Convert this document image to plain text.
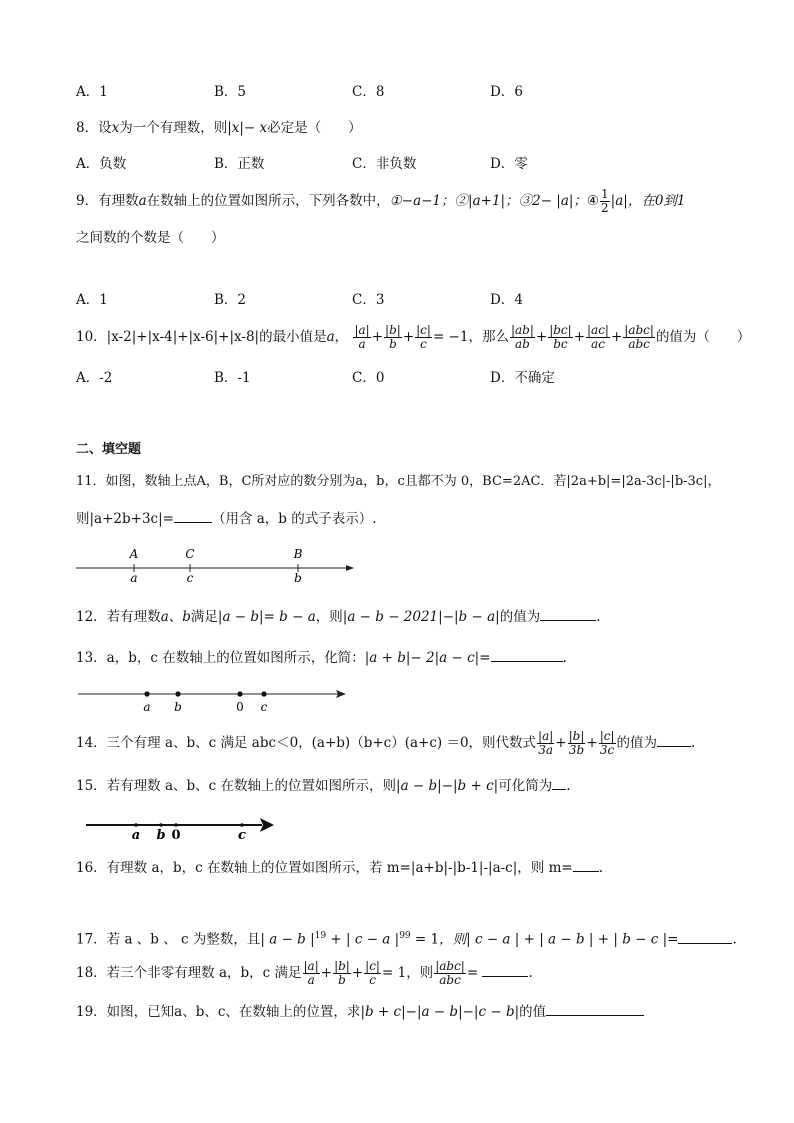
A．1	B．5	C．8	D．6
8．设x为一个有理数，则|x|− x必定是（　　）
A．负数	B．正数	C．非负数	D．零
9．有理数a在数轴上的位置如图所示，下列各数中，①−a−1；②|a+1|；③2− |a|；④ $\frac{1}{2} |a|$，在0到1
之间数的个数是（　　）
A．1	B．2	C．3	D．4
10．|x-2|+|x-4|+|x-6|+|x-8|的最小值是a， $\frac{|a|}{a} + \frac{|b|}{b} + \frac{|c|}{c} = -1$，那么 $\frac{|ab|}{ab} + \frac{|bc|}{bc} + \frac{|ac|}{ac} + \frac{\text{|abc|}}{\text{abc}}$ 的值为（　　）
A．-2	B．-1	C．0	D．不确定
二、填空题
11．如图，数轴上点A，B，C所对应的数分别为a，b，c且都不为 0，BC=2AC．若|2a+b|=|2a-3c|-|b-3c|，
则|a+2b+3c|=	（用含 a，b 的式子表示）.
A	C	B
a	c	b
12．若有理数a、b满足|a − b|= b − a，则|a − b − 2021|−|b − a|的值为	.
13．a，b，c 在数轴上的位置如图所示，化简：|a + b|− 2|a − c|=	.
a b	0 c
14．三个有理 a、b、c 满足 abc＜0，(a+b)（b+c）(a+c) ＝0，则代数式 $\frac{|a|}{3a} + \frac{|b|}{3b} + \frac{|c|}{3c}$ 的值为	.
15．若有理数 a、b、c 在数轴上的位置如图所示，则|a − b|−|b + c|可化简为 .
a b 0	c
16．有理数 a，b，c 在数轴上的位置如图所示，若 m=|a+b|-|b-1|-|a-c|，则 m= .
17．若 a 、b 、 c 为整数，且| a − b $|^{19}$ + | c − a $|^{99} = 1$，则| c − a | + | a − b | + | b − c |=	.
18．若三个非零有理数 a，b，c 满足 $\frac{|a|}{a} + \frac{|b|}{b} + \frac{|c|}{c} = 1$，则 $\frac{\text{|abc|}}{\text{abc}}$ =	.
19．如图，已知a、b、c、在数轴上的位置，求|b + c|−|a − b|−|c − b|的值
